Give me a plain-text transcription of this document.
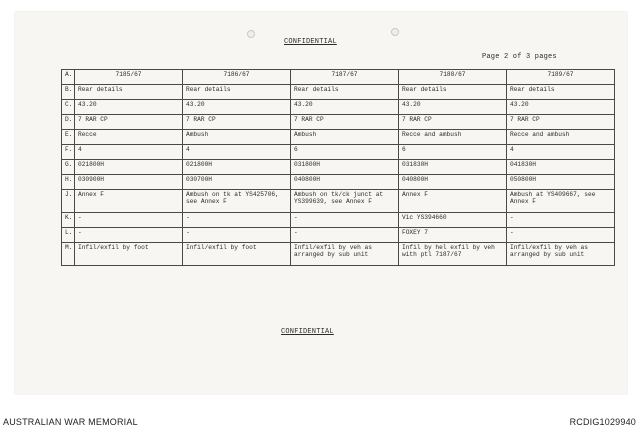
CONFIDENTIAL
Page 2 of 3 pages
A.	7185/67	7186/67	7187/67	7188/67	7189/67
B.	Rear details	Rear details	Rear details	Rear details	Rear details
C.	43.20	43.20	43.20	43.20	43.20
D.	7 RAR CP	7 RAR CP	7 RAR CP	7 RAR CP	7 RAR CP
E.	Recce	Ambush	Ambush	Recce and ambush	Recce and ambush
F.	4	4	6	6	4
G.	021800H	021800H	031800H	031830H	041830H
H.	030900H	030700H	040800H	040800H	050800H
J.	Annex F	Ambush on tk at YS425706, see Annex F	Ambush on tk/ck junct at YS399639, see Annex F	Annex F	Ambush at YS409667, see Annex F
K.	-	-	-	Vic YS394660	-
L.	-	-	-	FOXEY 7	-
M.	Infil/exfil by foot	Infil/exfil by foot	Infil/exfil by veh as arranged by sub unit	Infil by hel exfil by veh with ptl 7187/67	Infil/exfil by veh as arranged by sub unit
CONFIDENTIAL
AUSTRALIAN WAR MEMORIAL	RCDIG1029940
